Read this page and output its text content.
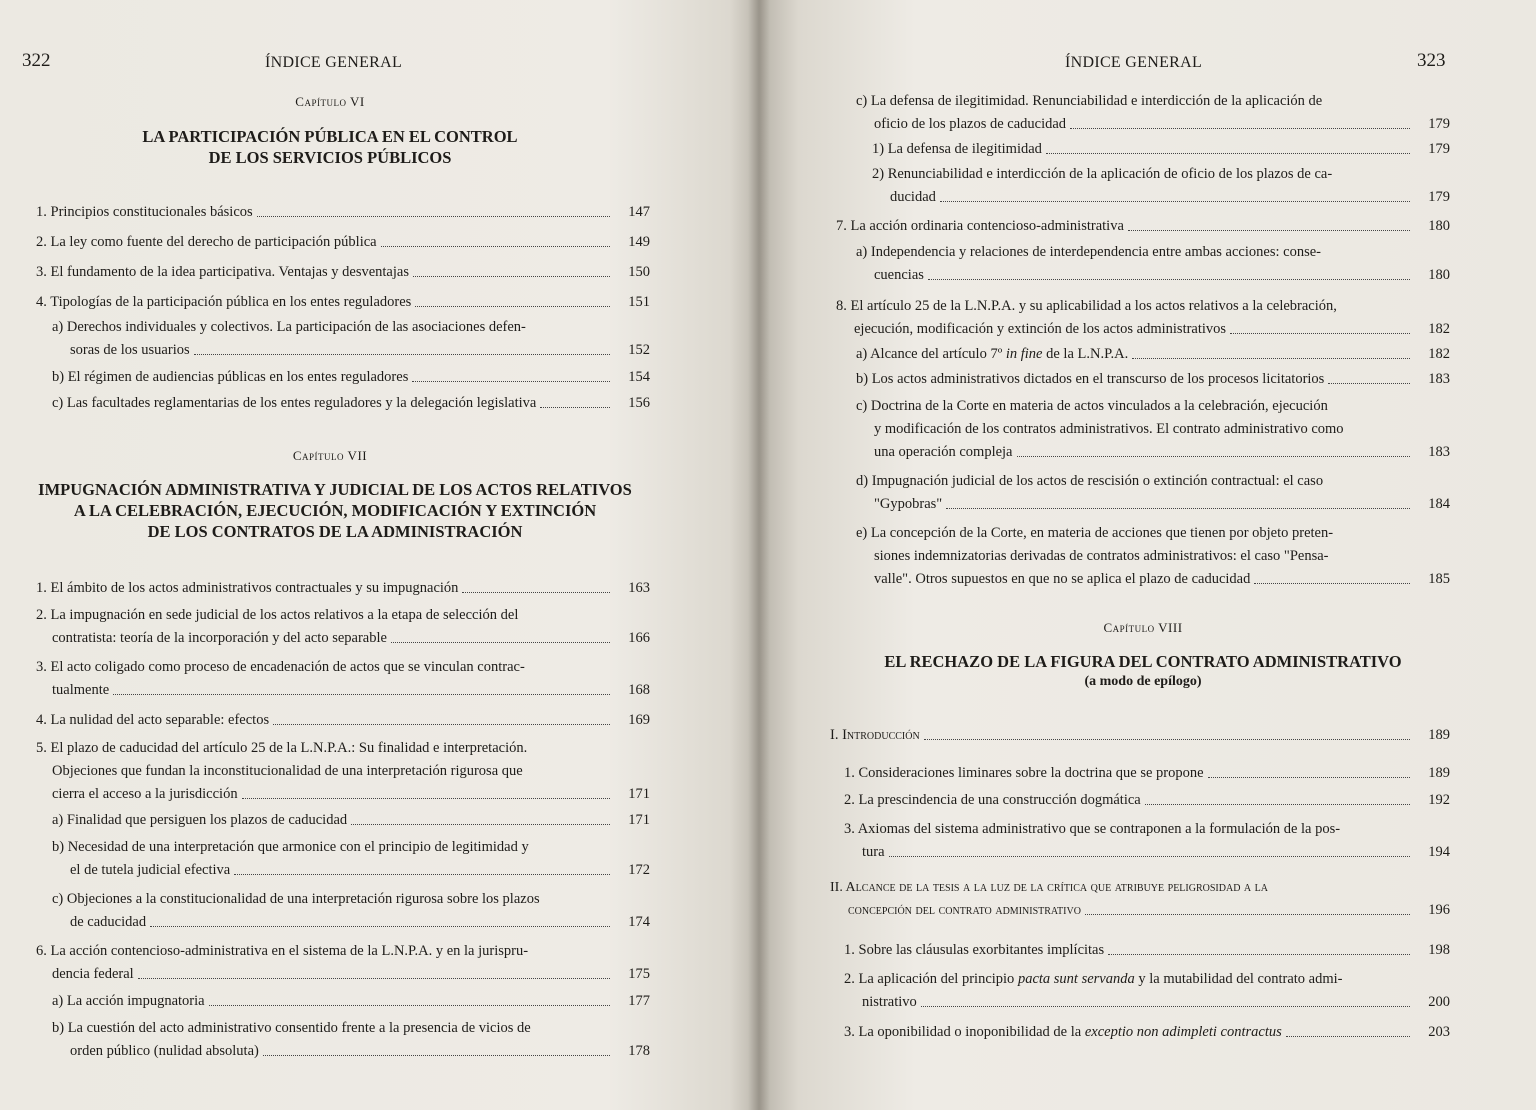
322	ÍNDICE GENERAL
Capítulo VI
LA PARTICIPACIÓN PÚBLICA EN EL CONTROL
DE LOS SERVICIOS PÚBLICOS
1. Principios constitucionales básicos	147
2. La ley como fuente del derecho de participación pública	149
3. El fundamento de la idea participativa. Ventajas y desventajas	150
4. Tipologías de la participación pública en los entes reguladores	151
a) Derechos individuales y colectivos. La participación de las asociaciones defen-
soras de los usuarios	152
b) El régimen de audiencias públicas en los entes reguladores	154
c) Las facultades reglamentarias de los entes reguladores y la delegación legislativa	156
Capítulo VII
IMPUGNACIÓN ADMINISTRATIVA Y JUDICIAL DE LOS ACTOS RELATIVOS
A LA CELEBRACIÓN, EJECUCIÓN, MODIFICACIÓN Y EXTINCIÓN
DE LOS CONTRATOS DE LA ADMINISTRACIÓN
1. El ámbito de los actos administrativos contractuales y su impugnación	163
2. La impugnación en sede judicial de los actos relativos a la etapa de selección del
contratista: teoría de la incorporación y del acto separable	166
3. El acto coligado como proceso de encadenación de actos que se vinculan contrac-
tualmente	168
4. La nulidad del acto separable: efectos	169
5. El plazo de caducidad del artículo 25 de la L.N.P.A.: Su finalidad e interpretación.
Objeciones que fundan la inconstitucionalidad de una interpretación rigurosa que
cierra el acceso a la jurisdicción	171
a) Finalidad que persiguen los plazos de caducidad	171
b) Necesidad de una interpretación que armonice con el principio de legitimidad y
el de tutela judicial efectiva	172
c) Objeciones a la constitucionalidad de una interpretación rigurosa sobre los plazos
de caducidad	174
6. La acción contencioso-administrativa en el sistema de la L.N.P.A. y en la jurispru-
dencia federal	175
a) La acción impugnatoria	177
b) La cuestión del acto administrativo consentido frente a la presencia de vicios de
orden público (nulidad absoluta)	178
ÍNDICE GENERAL	323
c) La defensa de ilegitimidad. Renunciabilidad e interdicción de la aplicación de
oficio de los plazos de caducidad	179
1) La defensa de ilegitimidad	179
2) Renunciabilidad e interdicción de la aplicación de oficio de los plazos de ca-
ducidad	179
7. La acción ordinaria contencioso-administrativa	180
a) Independencia y relaciones de interdependencia entre ambas acciones: conse-
cuencias	180
8. El artículo 25 de la L.N.P.A. y su aplicabilidad a los actos relativos a la celebración,
ejecución, modificación y extinción de los actos administrativos	182
a) Alcance del artículo 7º in fine de la L.N.P.A.	182
b) Los actos administrativos dictados en el transcurso de los procesos licitatorios	183
c) Doctrina de la Corte en materia de actos vinculados a la celebración, ejecución
y modificación de los contratos administrativos. El contrato administrativo como
una operación compleja	183
d) Impugnación judicial de los actos de rescisión o extinción contractual: el caso
"Gypobras"	184
e) La concepción de la Corte, en materia de acciones que tienen por objeto preten-
siones indemnizatorias derivadas de contratos administrativos: el caso "Pensa-
valle". Otros supuestos en que no se aplica el plazo de caducidad	185
Capítulo VIII
EL RECHAZO DE LA FIGURA DEL CONTRATO ADMINISTRATIVO
(a modo de epílogo)
I. Introducción	189
1. Consideraciones liminares sobre la doctrina que se propone	189
2. La prescindencia de una construcción dogmática	192
3. Axiomas del sistema administrativo que se contraponen a la formulación de la pos-
tura	194
II. Alcance de la tesis a la luz de la crítica que atribuye peligrosidad a la
concepción del contrato administrativo	196
1. Sobre las cláusulas exorbitantes implícitas	198
2. La aplicación del principio pacta sunt servanda y la mutabilidad del contrato admi-
nistrativo	200
3. La oponibilidad o inoponibilidad de la exceptio non adimpleti contractus	203
